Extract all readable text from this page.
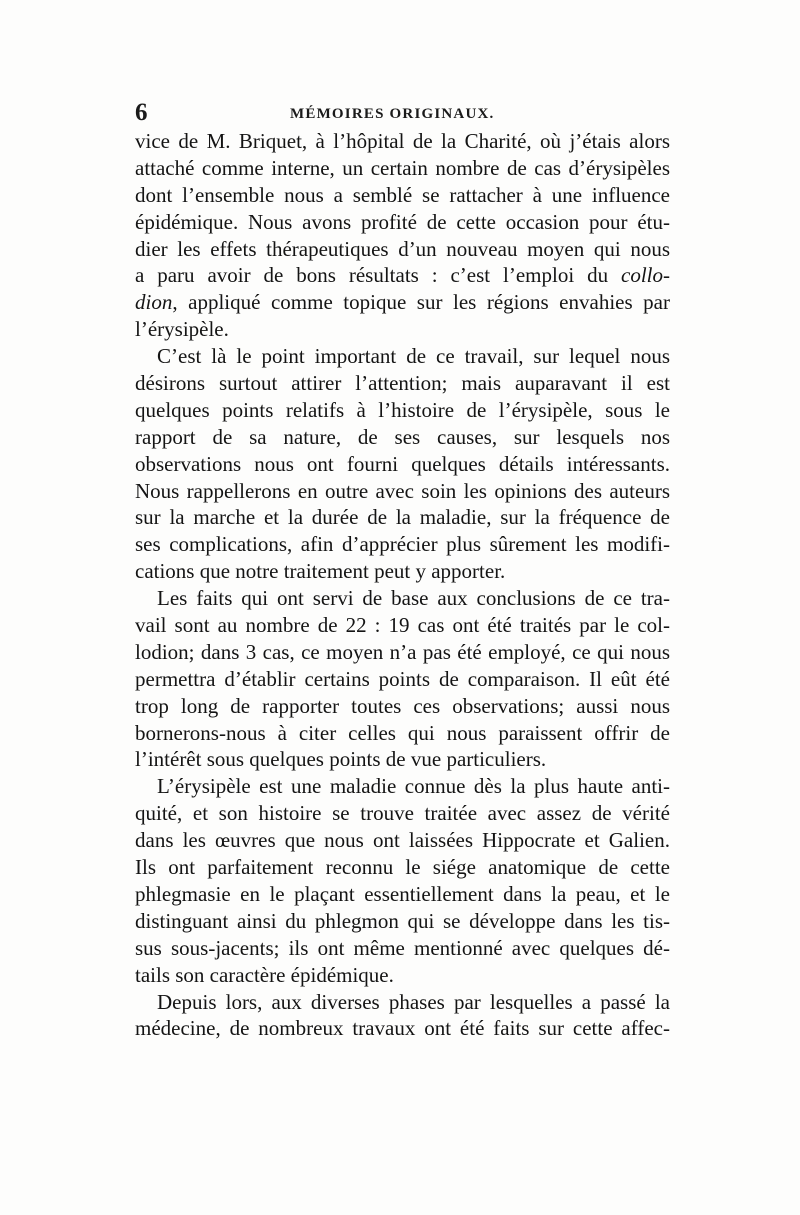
6	MÉMOIRES ORIGINAUX.
vice de M. Briquet, à l’hôpital de la Charité, où j’étais alors
attaché comme interne, un certain nombre de cas d’érysipèles
dont l’ensemble nous a semblé se rattacher à une influence
épidémique. Nous avons profité de cette occasion pour étu-
dier les effets thérapeutiques d’un nouveau moyen qui nous
a paru avoir de bons résultats : c’est l’emploi du collo-
dion, appliqué comme topique sur les régions envahies par
l’érysipèle.
C’est là le point important de ce travail, sur lequel nous
désirons surtout attirer l’attention; mais auparavant il est
quelques points relatifs à l’histoire de l’érysipèle, sous le
rapport de sa nature, de ses causes, sur lesquels nos
observations nous ont fourni quelques détails intéressants.
Nous rappellerons en outre avec soin les opinions des auteurs
sur la marche et la durée de la maladie, sur la fréquence de
ses complications, afin d’apprécier plus sûrement les modifi-
cations que notre traitement peut y apporter.
Les faits qui ont servi de base aux conclusions de ce tra-
vail sont au nombre de 22 : 19 cas ont été traités par le col-
lodion; dans 3 cas, ce moyen n’a pas été employé, ce qui nous
permettra d’établir certains points de comparaison. Il eût été
trop long de rapporter toutes ces observations; aussi nous
bornerons-nous à citer celles qui nous paraissent offrir de
l’intérêt sous quelques points de vue particuliers.
L’érysipèle est une maladie connue dès la plus haute anti-
quité, et son histoire se trouve traitée avec assez de vérité
dans les œuvres que nous ont laissées Hippocrate et Galien.
Ils ont parfaitement reconnu le siége anatomique de cette
phlegmasie en le plaçant essentiellement dans la peau, et le
distinguant ainsi du phlegmon qui se développe dans les tis-
sus sous-jacents; ils ont même mentionné avec quelques dé-
tails son caractère épidémique.
Depuis lors, aux diverses phases par lesquelles a passé la
médecine, de nombreux travaux ont été faits sur cette affec-
